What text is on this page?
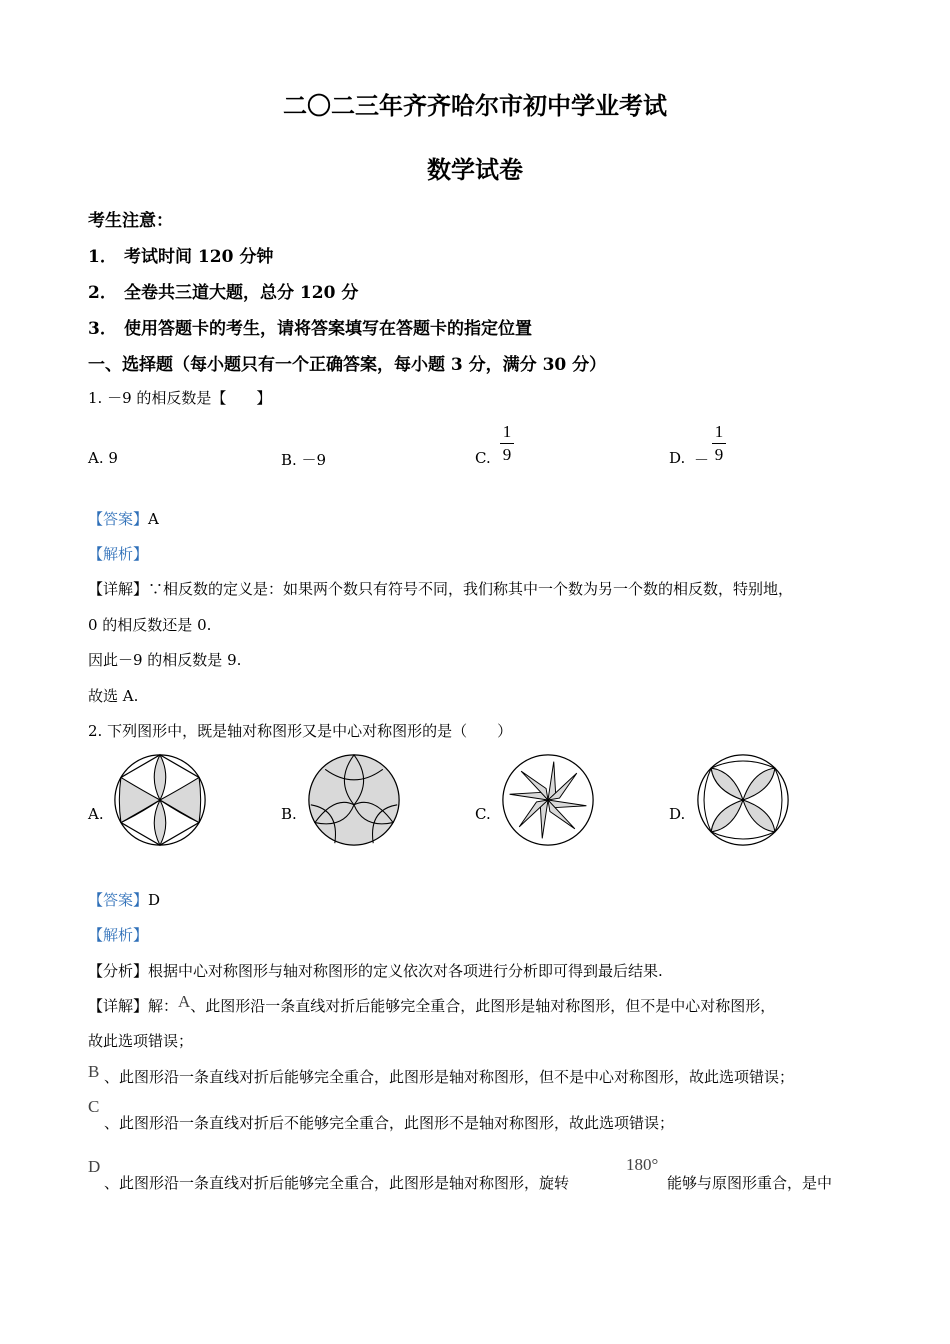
二〇二三年齐齐哈尔市初中学业考试
数学试卷
考生注意：
1． 考试时间 120 分钟
2． 全卷共三道大题，总分 120 分
3． 使用答题卡的考生，请将答案填写在答题卡的指定位置
一、选择题（每小题只有一个正确答案，每小题 3 分，满分 30 分）
1. －9 的相反数是【　　】
A. 9	B. －9	C.
1
9	D. －
1
9
【答案】A
【解析】
【详解】∵相反数的定义是：如果两个数只有符号不同，我们称其中一个数为另一个数的相反数，特别地，
0 的相反数还是 0.
因此－9 的相反数是 9.
故选 A.
2. 下列图形中，既是轴对称图形又是中心对称图形的是（　　）
A.	B.	C.	D.
【答案】D
【解析】
【分析】根据中心对称图形与轴对称图形的定义依次对各项进行分析即可得到最后结果.
【详解】解：A、此图形沿一条直线对折后能够完全重合，此图形是轴对称图形，但不是中心对称图形，
故此选项错误；
B 、此图形沿一条直线对折后能够完全重合，此图形是轴对称图形，但不是中心对称图形，故此选项错误；
C
、此图形沿一条直线对折后不能够完全重合，此图形不是轴对称图形，故此选项错误；
D
、此图形沿一条直线对折后能够完全重合，此图形是轴对称图形，旋转
180°
能够与原图形重合，是中
